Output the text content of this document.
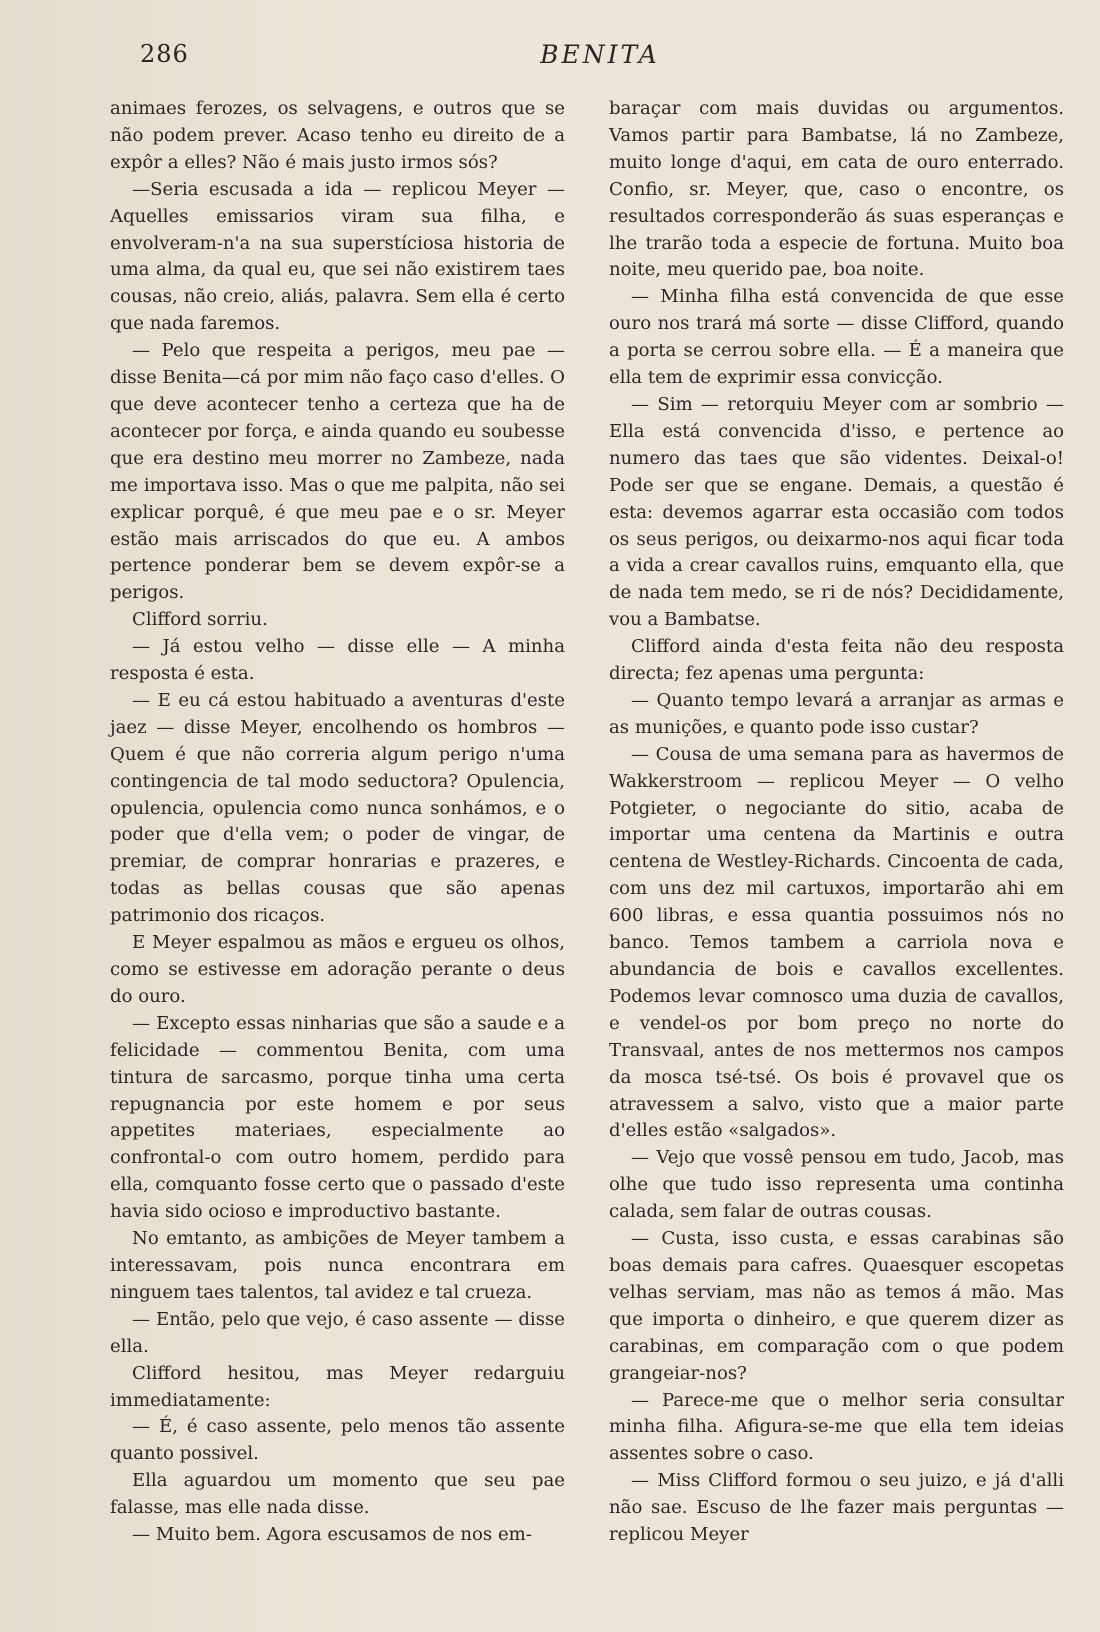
286	BENITA

animaes ferozes, os selvagens, e outros que se não podem prever. Acaso tenho eu direito de a expôr a elles? Não é mais justo irmos sós?

—Seria escusada a ida — replicou Meyer — Aquelles emissarios viram sua filha, e envolveram-n'a na sua superstíciosa historia de uma alma, da qual eu, que sei não existirem taes cousas, não creio, aliás, palavra. Sem ella é certo que nada faremos.

— Pelo que respeita a perigos, meu pae — disse Benita—cá por mim não faço caso d'elles. O que deve acontecer tenho a certeza que ha de acontecer por força, e ainda quando eu soubesse que era destino meu morrer no Zambeze, nada me importava isso. Mas o que me palpita, não sei explicar porquê, é que meu pae e o sr. Meyer estão mais arriscados do que eu. A ambos pertence ponderar bem se devem expôr-se a perigos.

Clifford sorriu.

— Já estou velho — disse elle — A minha resposta é esta.

— E eu cá estou habituado a aventuras d'este jaez — disse Meyer, encolhendo os hombros — Quem é que não correria algum perigo n'uma contingencia de tal modo seductora? Opulencia, opulencia, opulencia como nunca sonhámos, e o poder que d'ella vem; o poder de vingar, de premiar, de comprar honrarias e prazeres, e todas as bellas cousas que são apenas patrimonio dos ricaços.

E Meyer espalmou as mãos e ergueu os olhos, como se estivesse em adoração perante o deus do ouro.

— Excepto essas ninharias que são a saude e a felicidade — commentou Benita, com uma tintura de sarcasmo, porque tinha uma certa repugnancia por este homem e por seus appetites materiaes, especialmente ao confrontal-o com outro homem, perdido para ella, comquanto fosse certo que o passado d'este havia sido ocioso e improductivo bastante.

No emtanto, as ambições de Meyer tambem a interessavam, pois nunca encontrara em ninguem taes talentos, tal avidez e tal crueza.

— Então, pelo que vejo, é caso assente — disse ella.

Clifford hesitou, mas Meyer redarguiu immediatamente:

— É, é caso assente, pelo menos tão assente quanto possivel.

Ella aguardou um momento que seu pae falasse, mas elle nada disse.

— Muito bem. Agora escusamos de nos em-

baraçar com mais duvidas ou argumentos. Vamos partir para Bambatse, lá no Zambeze, muito longe d'aqui, em cata de ouro enterrado. Confio, sr. Meyer, que, caso o encontre, os resultados corresponderão ás suas esperanças e lhe trarão toda a especie de fortuna. Muito boa noite, meu querido pae, boa noite.

— Minha filha está convencida de que esse ouro nos trará má sorte — disse Clifford, quando a porta se cerrou sobre ella. — É a maneira que ella tem de exprimir essa convicção.

— Sim — retorquiu Meyer com ar sombrio — Ella está convencida d'isso, e pertence ao numero das taes que são videntes. Deixal-o! Pode ser que se engane. Demais, a questão é esta: devemos agarrar esta occasião com todos os seus perigos, ou deixarmo-nos aqui ficar toda a vida a crear cavallos ruins, emquanto ella, que de nada tem medo, se ri de nós? Decididamente, vou a Bambatse.

Clifford ainda d'esta feita não deu resposta directa; fez apenas uma pergunta:

— Quanto tempo levará a arranjar as armas e as munições, e quanto pode isso custar?

— Cousa de uma semana para as havermos de Wakkerstroom — replicou Meyer — O velho Potgieter, o negociante do sitio, acaba de importar uma centena da Martinis e outra centena de Westley-Richards. Cincoenta de cada, com uns dez mil cartuxos, importarão ahi em 600 libras, e essa quantia possuimos nós no banco. Temos tambem a carriola nova e abundancia de bois e cavallos excellentes. Podemos levar comnosco uma duzia de cavallos, e vendel-os por bom preço no norte do Transvaal, antes de nos mettermos nos campos da mosca tsé-tsé. Os bois é provavel que os atravessem a salvo, visto que a maior parte d'elles estão «salgados».

— Vejo que vossê pensou em tudo, Jacob, mas olhe que tudo isso representa uma continha calada, sem falar de outras cousas.

— Custa, isso custa, e essas carabinas são boas demais para cafres. Quaesquer escopetas velhas serviam, mas não as temos á mão. Mas que importa o dinheiro, e que querem dizer as carabinas, em comparação com o que podem grangeiar-nos?

— Parece-me que o melhor seria consultar minha filha. Afigura-se-me que ella tem ideias assentes sobre o caso.

— Miss Clifford formou o seu juizo, e já d'alli não sae. Escuso de lhe fazer mais perguntas — replicou Meyer
